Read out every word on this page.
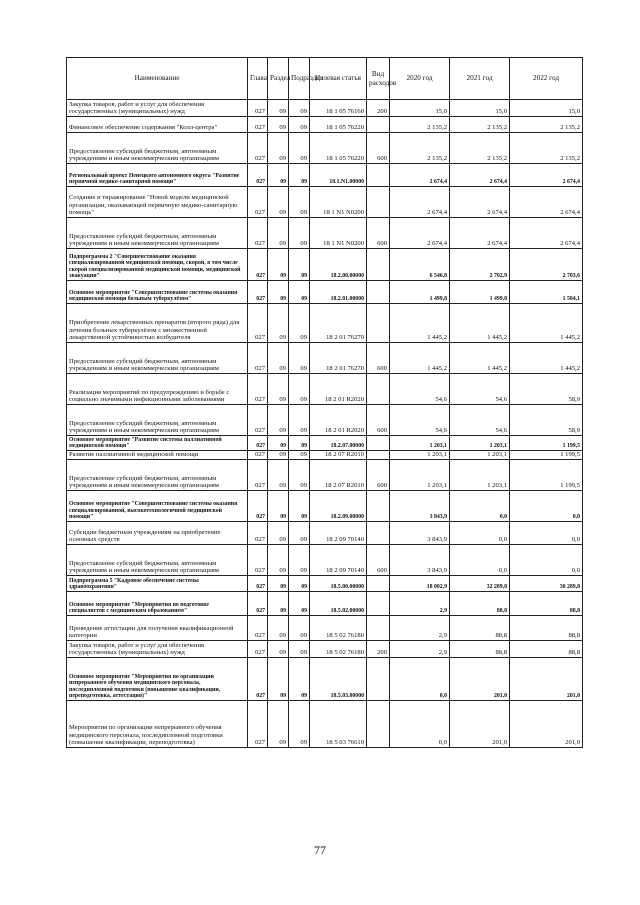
Наименование	Глава	Раздел	Подраздел	Целевая статья	Вид расходов	2020 год	2021 год	2022 год
Закупка товаров, работ и услуг для обеспечения государственных (муниципальных) нужд	027	09	09	18 1 05 76160	200	15,0	15,0	15,0
Финансовое обеспечение содержания "Колл-центра"	027	09	09	18 1 05 76220		2 135,2	2 135,2	2 135,2
Предоставление субсидий бюджетным, автономным учреждениям и иным некоммерческим организациям	027	09	09	18 1 05 76220	600	2 135,2	2 135,2	2 135,2
Региональный проект Ненецкого автономного округа "Развитие первичной медико-санитарной помощи"	027	09	09	18.1.N1.00000		2 674,4	2 674,4	2 674,4
Создание и тиражирование "Новой модели медицинской организации, оказывающей первичную медико-санитарную помощь"	027	09	09	18 1 N1 N0200		2 674,4	2 674,4	2 674,4
Предоставление субсидий бюджетным, автономным учреждениям и иным некоммерческим организациям	027	09	09	18 1 N1 N0200	600	2 674,4	2 674,4	2 674,4
Подпрограмма 2 "Совершенствование оказания специализированной медицинской помощи, скорой, в том числе скорой специализированной медицинской помощи, медицинской эвакуации"	027	09	09	18.2.00.00000		6 546,8	2 702,9	2 703,6
Основное мероприятие "Совершенствование системы оказания медицинской помощи больным туберкулёзом"	027	09	09	18.2.01.00000		1 499,8	1 499,8	1 504,1
Приобретение лекарственных препаратов (второго ряда) для лечения больных туберкулёзом с множественной лекарственной устойчивостью возбудителя	027	09	09	18 2 01 76270		1 445,2	1 445,2	1 445,2
Предоставление субсидий бюджетным, автономным учреждениям и иным некоммерческим организациям	027	09	09	18 2 01 76270	600	1 445,2	1 445,2	1 445,2
Реализация мероприятий по предупреждению и борьбе с социально значимыми инфекционными заболеваниями	027	09	09	18 2 01 R2020		54,6	54,6	58,9
Предоставление субсидий бюджетным, автономным учреждениям и иным некоммерческим организациям	027	09	09	18 2 01 R2020	600	54,6	54,6	58,9
Основное мероприятие "Развитие системы паллиативной медицинской помощи"	027	09	09	18.2.07.00000		1 203,1	1 203,1	1 199,5
Развитие паллиативной медицинской помощи	027	09	09	18 2 07 R2010		1 203,1	1 203,1	1 199,5
Предоставление субсидий бюджетным, автономным учреждениям и иным некоммерческим организациям	027	09	09	18 2 07 R2010	600	1 203,1	1 203,1	1 199,5
Основное мероприятие "Совершенствование системы оказания специализированной, высокотехнологичной медицинской помощи"	027	09	09	18.2.09.00000		3 843,9	0,0	0,0
Субсидии бюджетным учреждениям на приобретение основных средств	027	09	09	18 2 09 70140		3 843,9	0,0	0,0
Предоставление субсидий бюджетным, автономным учреждениям и иным некоммерческим организациям	027	09	09	18 2 09 70140	600	3 843,9	0,0	0,0
Подпрограмма 5 "Кадровое обеспечение системы здравоохранения"	027	09	09	18.5.00.00000		18 002,9	32 289,8	30 289,8
Основное мероприятие "Мероприятия по подготовке специалистов с медицинским образованием"	027	09	09	18.5.02.00000		2,9	88,8	88,8
Проведение аттестации для получения квалификационной категории	027	09	09	18 5 02 76180		2,9	88,8	88,8
Закупка товаров, работ и услуг для обеспечения государственных (муниципальных) нужд	027	09	09	18 5 02 76180	200	2,9	88,8	88,8
Основное мероприятие "Мероприятия по организации непрерывного обучения медицинского персонала, последипломной подготовки (повышение квалификации, переподготовка, аттестация)"	027	09	09	18.5.03.00000		0,0	201,0	201,0
Мероприятия по организации непрерывного обучения медицинского персонала, последипломной подготовки (повышение квалификации, переподготовка)	027	09	09	18 5 03 76610		0,0	201,0	201,0
77
